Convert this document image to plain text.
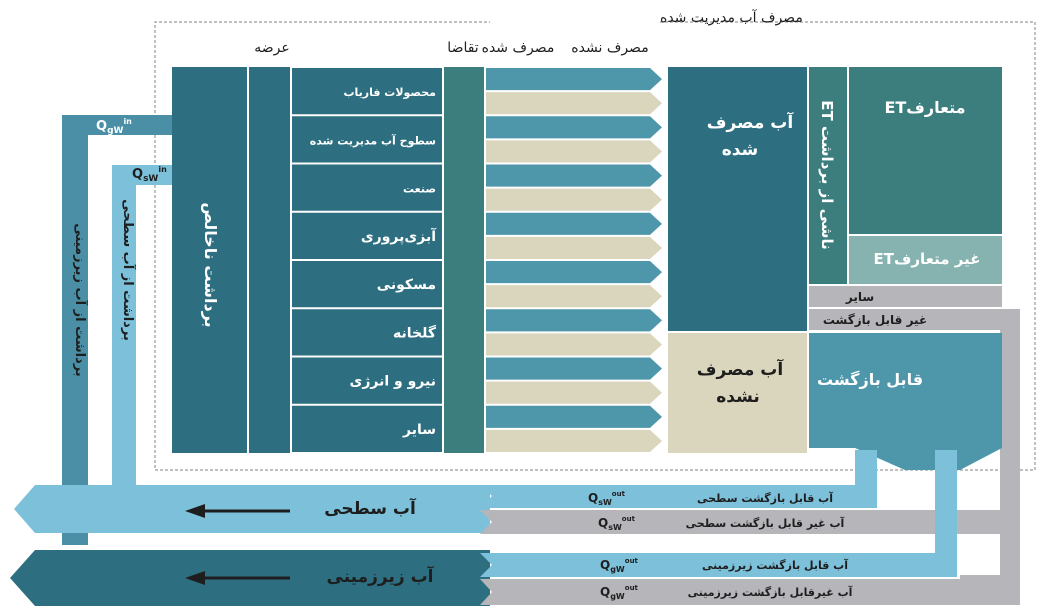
مصرف آب مدیریت شده
عرضه	تقاضا مصرف شده مصرف نشده
$Q_{gW}^{in}$
$Q_{sW}^{in}$
برداشت از آب زیرزمینی	برداشت از آب سطحی	برداشت ناخالص
محصولات فاریاب
سطوح آب مدیریت شده
صنعت
آبزی‌پروری
مسکونی
گلخانه
نیرو و انرژی
سایر
آب مصرف
شده
آب مصرف
نشده
ET ناشی از برداشت
ETمتعارف
ETغیر متعارف
سایر
غیر قابل بازگشت
قابل بازگشت
آب سطحی
آب قابل بازگشت سطحی
$Q_{sW}^{out}$
آب غیر قابل بازگشت سطحی
$Q_{sW}^{out}$
آب زیرزمینی
آب قابل بازگشت زیرزمینی
$Q_{gW}^{out}$
آب غیرقابل بازگشت زیرزمینی
$Q_{gW}^{out}$
